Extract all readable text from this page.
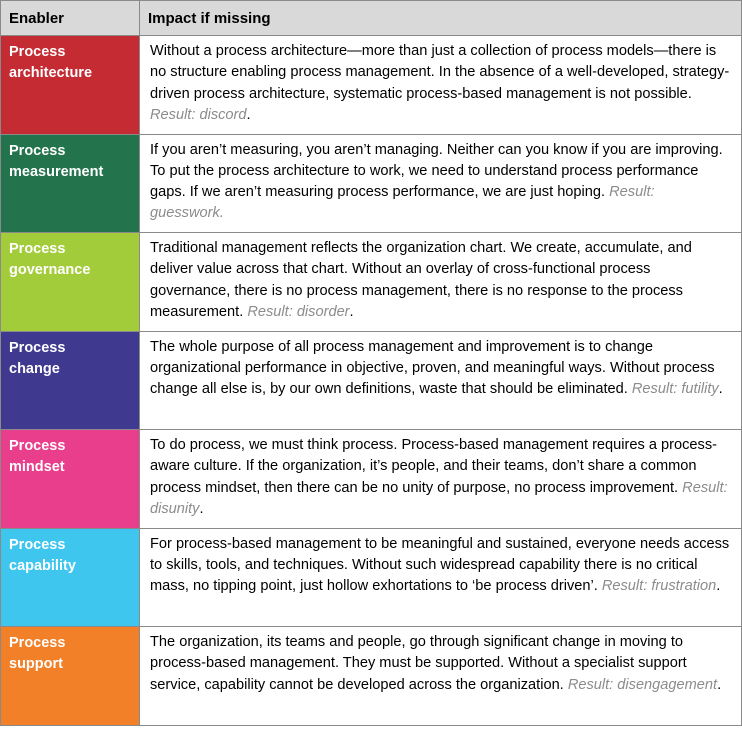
Enabler	Impact if missing
Process
architecture	Without a process architecture—more than just a collection of process models—there is no structure enabling process management. In the absence of a well-developed, strategy-driven process architecture, systematic process-based management is not possible. Result: discord.
Process
measurement	If you aren’t measuring, you aren’t managing. Neither can you know if you are improving. To put the process architecture to work, we need to understand process performance gaps. If we aren’t measuring process performance, we are just hoping. Result: guesswork.
Process
governance	Traditional management reflects the organization chart. We create, accumulate, and deliver value across that chart. Without an overlay of cross-functional process governance, there is no process management, there is no response to the process measurement. Result: disorder.
Process
change	The whole purpose of all process management and improvement is to change organizational performance in objective, proven, and meaningful ways. Without process change all else is, by our own definitions, waste that should be eliminated. Result: futility.
Process
mindset	To do process, we must think process. Process-based management requires a process-aware culture. If the organization, it’s people, and their teams, don’t share a common process mindset, then there can be no unity of purpose, no process improvement. Result: disunity.
Process
capability	For process-based management to be meaningful and sustained, everyone needs access to skills, tools, and techniques. Without such widespread capability there is no critical mass, no tipping point, just hollow exhortations to ‘be process driven’. Result: frustration.
Process
support	The organization, its teams and people, go through significant change in moving to process-based management. They must be supported. Without a specialist support service, capability cannot be developed across the organization. Result: disengagement.
